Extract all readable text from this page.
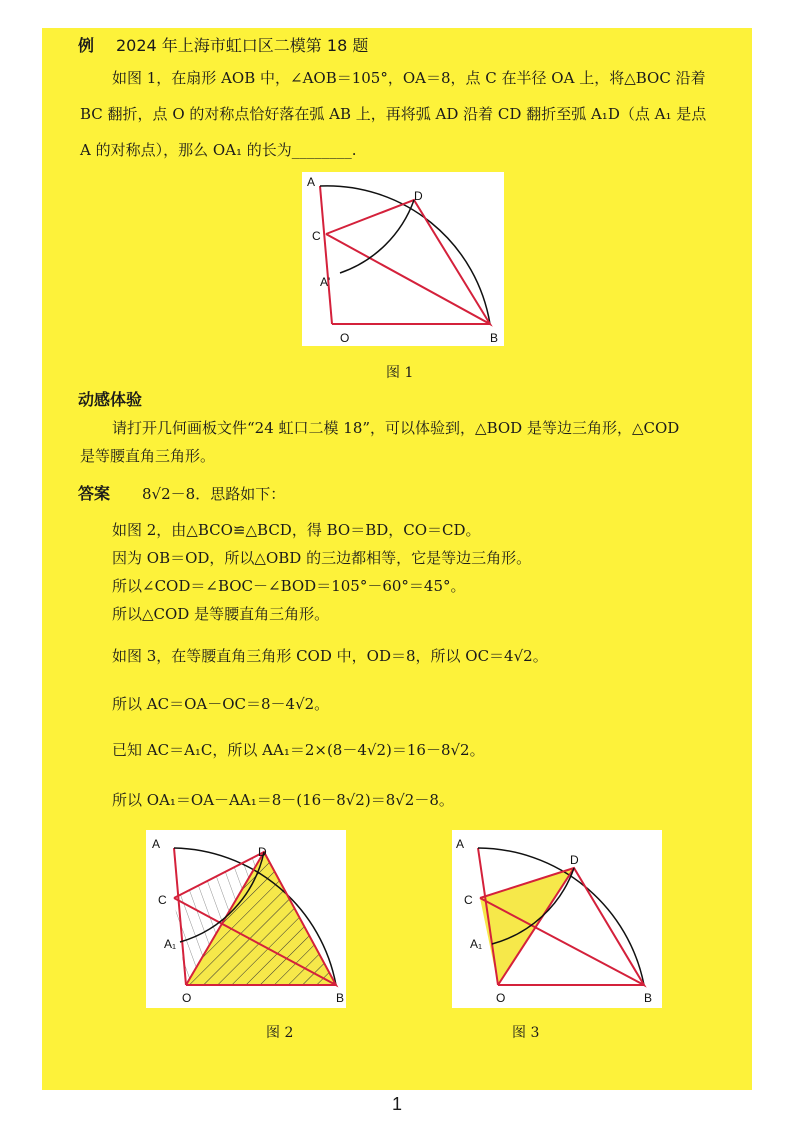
例 2024 年上海市虹口区二模第 18 题
如图 1，在扇形 AOB 中，∠AOB＝105°，OA＝8，点 C 在半径 OA 上，将△BOC 沿着
BC 翻折，点 O 的对称点恰好落在弧 AB 上，再将弧 AD 沿着 CD 翻折至弧 A₁D（点 A₁ 是点
A 的对称点），那么 OA₁ 的长为________.
A
C
A'
O
D
B
图 1
动感体验
请打开几何画板文件“24 虹口二模 18”，可以体验到，△BOD 是等边三角形，△COD
是等腰直角三角形。
答案 8√2－8．思路如下：
如图 2，由△BCO≌△BCD，得 BO＝BD，CO＝CD。
因为 OB＝OD，所以△OBD 的三边都相等，它是等边三角形。
所以∠COD＝∠BOC－∠BOD＝105°－60°＝45°。
所以△COD 是等腰直角三角形。
如图 3，在等腰直角三角形 COD 中，OD＝8，所以 OC＝4√2。
所以 AC＝OA－OC＝8－4√2。
已知 AC＝A₁C，所以 AA₁＝2×(8－4√2)＝16－8√2。
所以 OA₁＝OA－AA₁＝8－(16－8√2)＝8√2－8。
A
C
A₁
O
D
B
图 2
A
C
A₁
O
D
B
图 3
1
